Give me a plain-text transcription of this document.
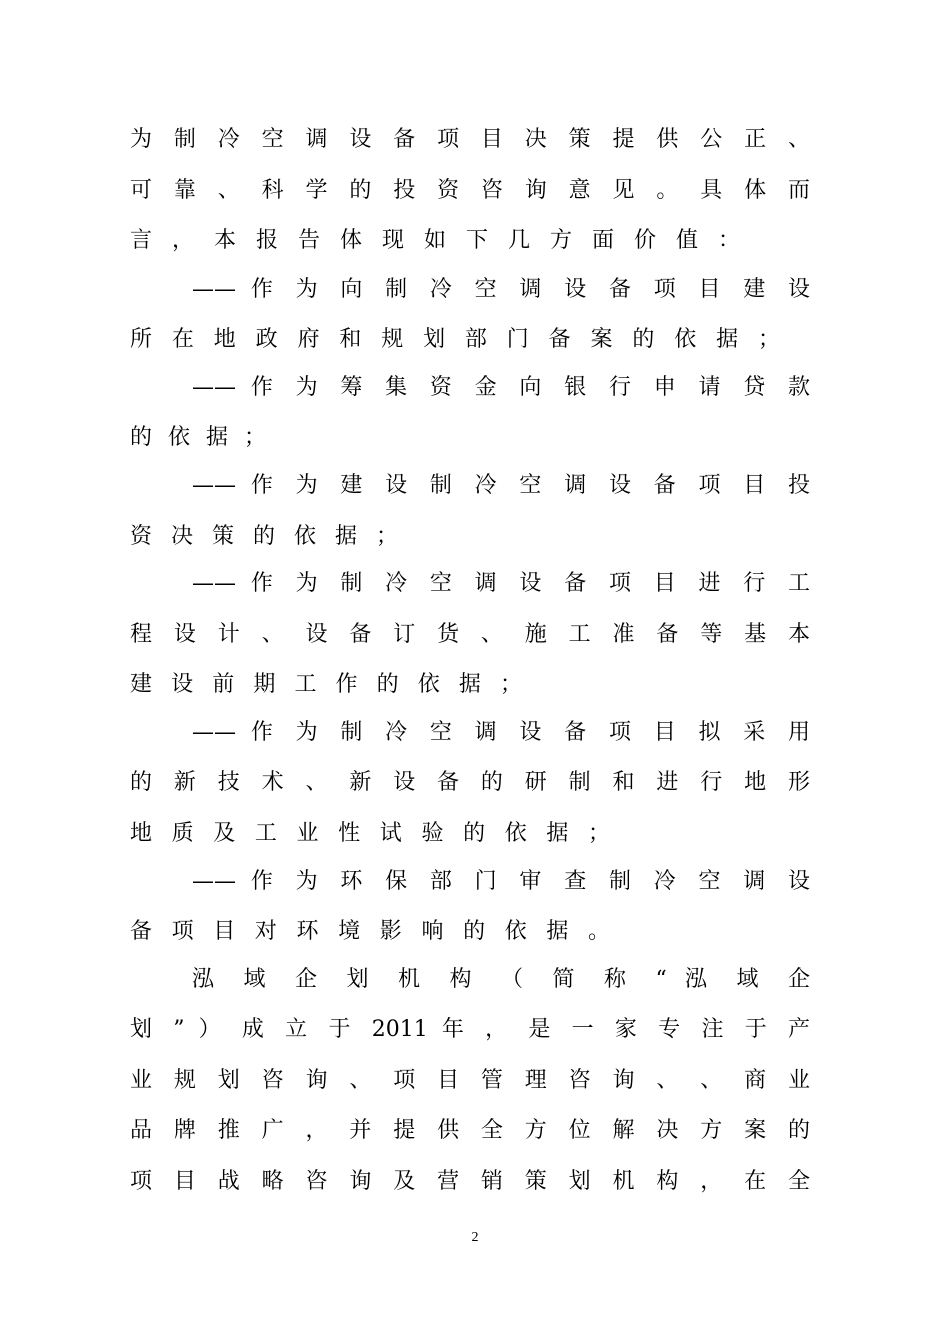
为 制 冷 空 调 设 备 项 目 决 策 提 供 公 正 、
可 靠 、 科 学 的 投 资 咨 询 意 见 。 具 体 而
言 ， 本 报 告 体 现 如 下 几 方 面 价 值 ：
—— 作 为 向 制 冷 空 调 设 备 项 目 建 设
所 在 地 政 府 和 规 划 部 门 备 案 的 依 据 ；
—— 作 为 筹 集 资 金 向 银 行 申 请 贷 款
的 依 据 ；
—— 作 为 建 设 制 冷 空 调 设 备 项 目 投
资 决 策 的 依 据 ；
—— 作 为 制 冷 空 调 设 备 项 目 进 行 工
程 设 计 、 设 备 订 货 、 施 工 准 备 等 基 本
建 设 前 期 工 作 的 依 据 ；
—— 作 为 制 冷 空 调 设 备 项 目 拟 采 用
的 新 技 术 、 新 设 备 的 研 制 和 进 行 地 形
地 质 及 工 业 性 试 验 的 依 据 ；
—— 作 为 环 保 部 门 审 查 制 冷 空 调 设
备 项 目 对 环 境 影 响 的 依 据 。
泓 域 企 划 机 构 （ 简 称 “ 泓 域 企
划 ” ） 成 立 于 2011 年 ， 是 一 家 专 注 于 产
业 规 划 咨 询 、 项 目 管 理 咨 询 、 、 商 业
品 牌 推 广 ， 并 提 供 全 方 位 解 决 方 案 的
项 目 战 略 咨 询 及 营 销 策 划 机 构 ， 在 全
2
